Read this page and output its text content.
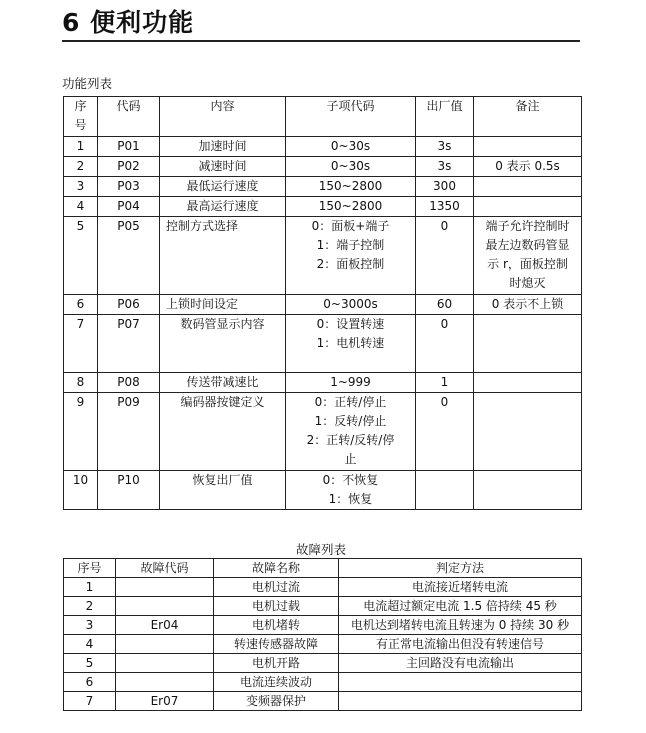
6 便利功能
功能列表
序
号	代码	内容	子项代码	出厂值	备注
1	P01	加速时间	0~30s	3s	
2	P02	减速时间	0~30s	3s	0 表示 0.5s
3	P03	最低运行速度	150~2800	300	
4	P04	最高运行速度	150~2800	1350	
5	P05	控制方式选择	0：面板+端子
1：端子控制
2：面板控制	0	端子允许控制时
最左边数码管显
示 r，面板控制
时熄灭
6	P06	上锁时间设定	0~3000s	60	0 表示不上锁
7	P07	数码管显示内容	0：设置转速
1：电机转速	0	
8	P08	传送带减速比	1~999	1	
9	P09	编码器按键定义	0：正转/停止
1：反转/停止
2：正转/反转/停
止	0	
10	P10	恢复出厂值	0：不恢复
1：恢复		
故障列表
序号	故障代码	故障名称	判定方法
1		电机过流	电流接近堵转电流
2		电机过载	电流超过额定电流 1.5 倍持续 45 秒
3	Er04	电机堵转	电机达到堵转电流且转速为 0 持续 30 秒
4		转速传感器故障	有正常电流输出但没有转速信号
5		电机开路	主回路没有电流输出
6		电流连续波动	
7	Er07	变频器保护	
